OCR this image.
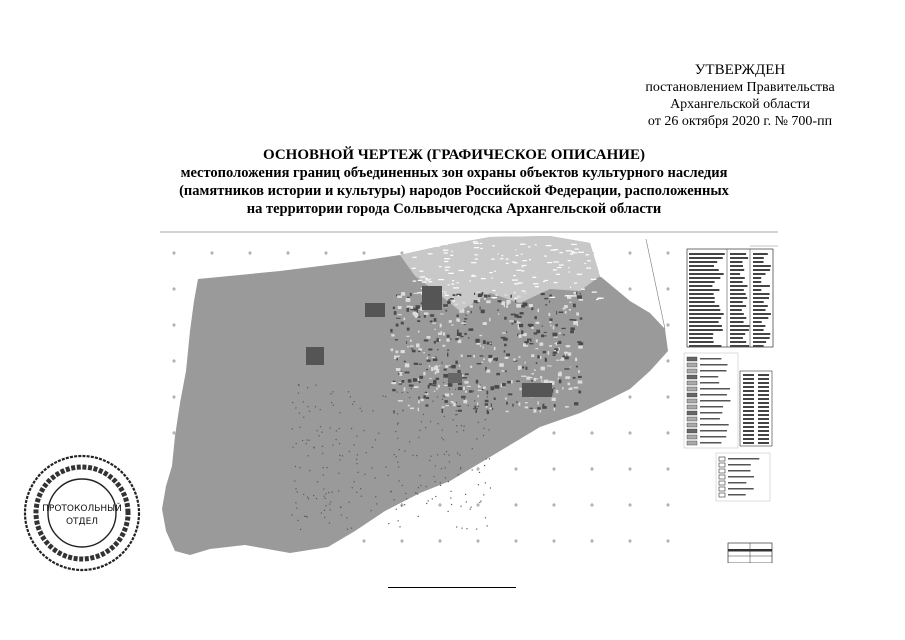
УТВЕРЖДЕН
постановлением Правительства
Архангельской области
от 26 октября 2020 г. № 700-пп
ОСНОВНОЙ ЧЕРТЕЖ (ГРАФИЧЕСКОЕ ОПИСАНИЕ)
местоположения границ объединенных зон охраны объектов культурного наследия
(памятников истории и культуры) народов Российской Федерации, расположенных
на территории города Сольвычегодска Архангельской области
ПРОТОКОЛЬНЫЙ
ОТДЕЛ
